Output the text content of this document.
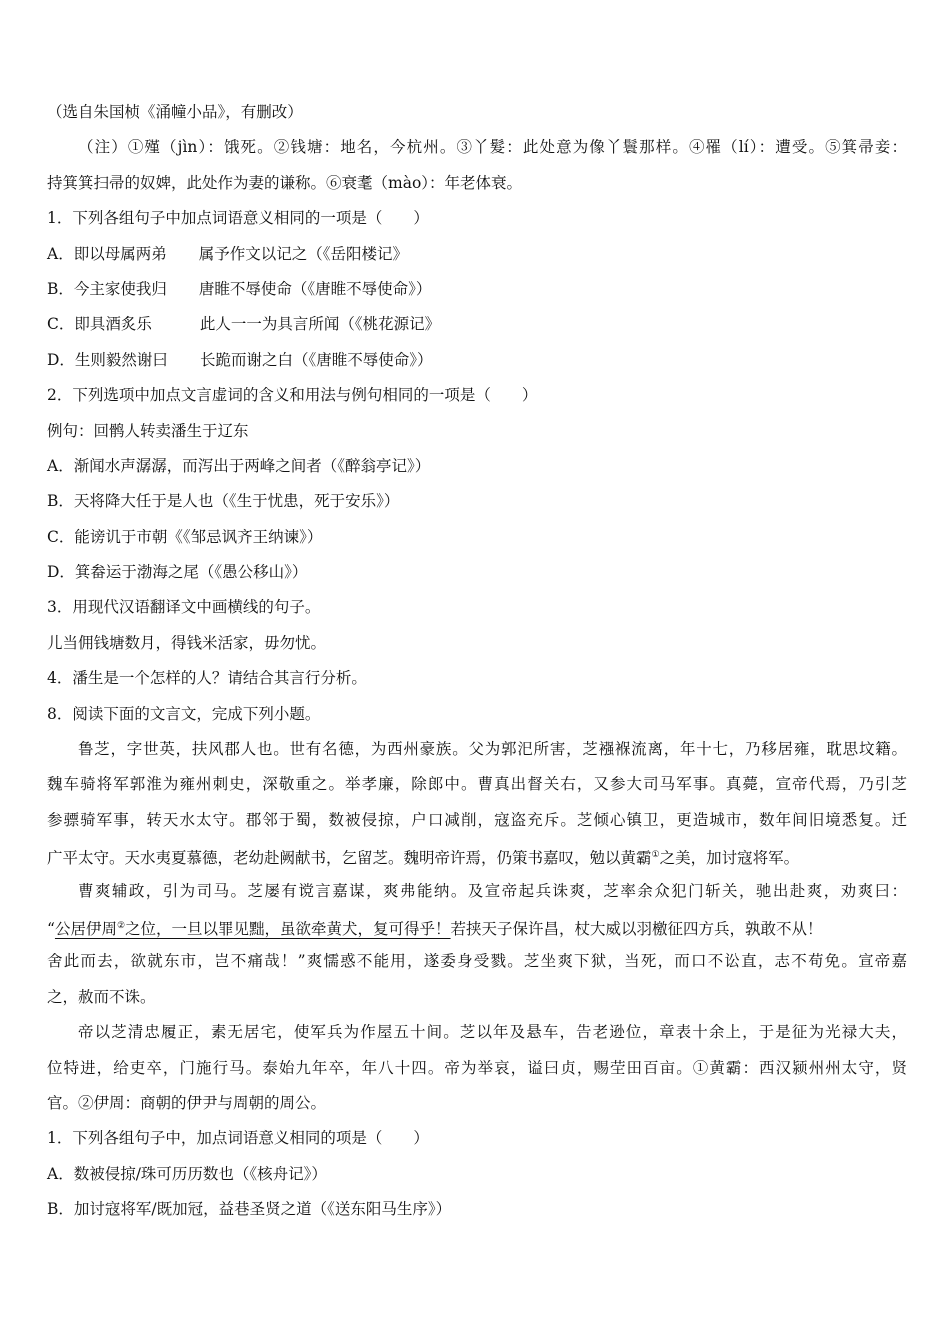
（选自朱国桢《涌幢小品》，有删改）
（注）①殣（jìn）：饿死。②钱塘：地名，今杭州。③丫髮：此处意为像丫鬟那样。④罹（lí）：遭受。⑤箕帚妾：
持箕箕扫帚的奴婢，此处作为妻的谦称。⑥衰耄（mào）：年老体衰。
1．下列各组句子中加点词语意义相同的一项是（　　）
A．即以母属两弟 属予作文以记之（《岳阳楼记》
B．今主家使我归 唐睢不辱使命（《唐睢不辱使命》）
C．即具酒炙乐	此人一一为具言所闻（《桃花源记》
D．生则毅然谢曰 长跪而谢之白（《唐睢不辱使命》）
2．下列选项中加点文言虚词的含义和用法与例句相同的一项是（　　）
例句：回鹘人转卖潘生于辽东
A．渐闻水声潺潺，而泻出于两峰之间者（《醉翁亭记》）
B．天将降大任于是人也（《生于忧患，死于安乐》）
C．能谤讥于市朝《《邹忌讽齐王纳谏》）
D．箕畚运于渤海之尾（《愚公移山》）
3．用现代汉语翻译文中画横线的句子。
儿当佣钱塘数月，得钱米活家，毋勿忧。
4．潘生是一个怎样的人？请结合其言行分析。
8．阅读下面的文言文，完成下列小题。
鲁芝，字世英，扶风郡人也。世有名德，为西州豪族。父为郭汜所害，芝襁褓流离，年十七，乃移居雍，耽思坟籍。
魏车骑将军郭淮为雍州刺史，深敬重之。举孝廉，除郎中。曹真出督关右，又参大司马军事。真薨，宣帝代焉，乃引芝
参骠骑军事，转天水太守。郡邻于蜀，数被侵掠，户口减削，寇盗充斥。芝倾心镇卫，更造城市，数年间旧境悉复。迁
广平太守。天水夷夏慕德，老幼赴阙献书，乞留芝。魏明帝许焉，仍策书嘉叹，勉以黄霸①之美，加讨寇将军。
曹爽辅政，引为司马。芝屡有谠言嘉谋，爽弗能纳。及宣帝起兵诛爽，芝率余众犯门斩关，驰出赴爽，劝爽曰：
“公居伊周②之位，一旦以罪见黜，虽欲牵黄犬，复可得乎！若挟天子保许昌，杖大威以羽檄征四方兵，孰敢不从！
舍此而去，欲就东市，岂不痛哉！”爽懦惑不能用，遂委身受戮。芝坐爽下狱，当死，而口不讼直，志不苟免。宣帝嘉
之，赦而不诛。
帝以芝清忠履正，素无居宅，使军兵为作屋五十间。芝以年及悬车，告老逊位，章表十余上，于是征为光禄大夫，
位特进，给吏卒，门施行马。泰始九年卒，年八十四。帝为举哀，谥曰贞，赐茔田百亩。①黄霸：西汉颍州州太守，贤
官。②伊周：商朝的伊尹与周朝的周公。
1．下列各组句子中，加点词语意义相同的项是（　　）
A．数被侵掠/珠可历历数也（《核舟记》）
B．加讨寇将军/既加冠，益巷圣贤之道（《送东阳马生序》）
